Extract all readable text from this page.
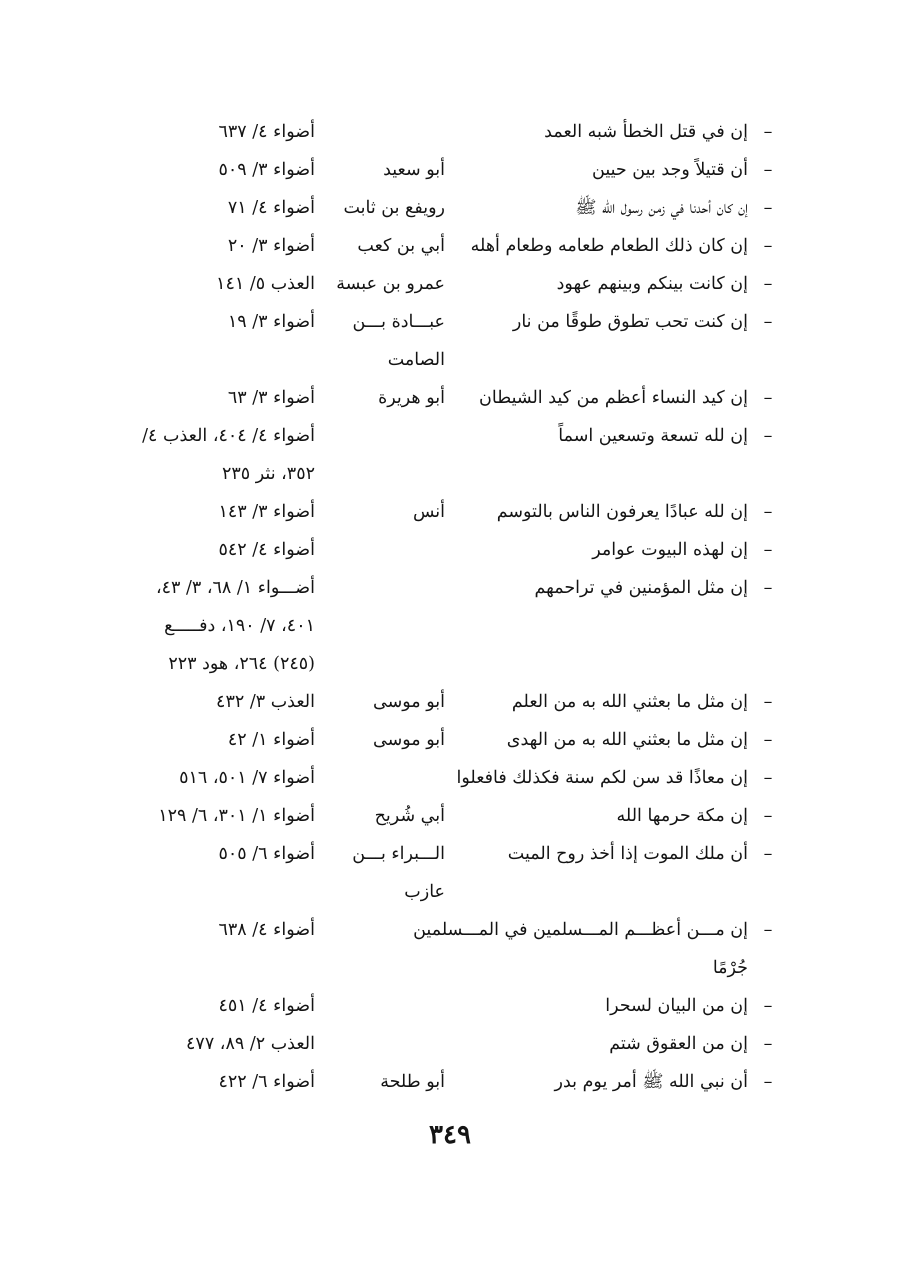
–
إن في قتل الخطأ شبه العمد
أضواء ٤/ ٦٣٧
–
أن قتيلاً وجد بين حيين
أبو سعيد
أضواء ٣/ ٥٠٩
–
إن كان أحدنا في زمن رسول الله ﷺ
رويفع بن ثابت
أضواء ٤/ ٧١
–
إن كان ذلك الطعام طعامه وطعام أهله
أبي بن كعب
أضواء ٣/ ٢٠
–
إن كانت بينكم وبينهم عهود
عمرو بن عبسة
العذب ٥/ ١٤١
–
إن كنت تحب تطوق طوقًا من نار
عبـــادة بـــن
أضواء ٣/ ١٩
الصامت
–
إن كيد النساء أعظم من كيد الشيطان
أبو هريرة
أضواء ٣/ ٦٣
–
إن لله تسعة وتسعين اسماً
أضواء ٤/ ٤٠٤، العذب ٤/
٣٥٢، نثر ٢٣٥
–
إن لله عبادًا يعرفون الناس بالتوسم
أنس
أضواء ٣/ ١٤٣
–
إن لهذه البيوت عوامر
أضواء ٤/ ٥٤٢
–
إن مثل المؤمنين في تراحمهم
أضـــواء ١/ ٦٨، ٣/ ٤٣،
٤٠١، ٧/ ١٩٠، دفـــــع
(٢٤٥) ٢٦٤، هود ٢٢٣
–
إن مثل ما بعثني الله به من العلم
أبو موسى
العذب ٣/ ٤٣٢
–
إن مثل ما بعثني الله به من الهدى
أبو موسى
أضواء ١/ ٤٢
–
إن معاذًا قد سن لكم سنة فكذلك فافعلوا
أضواء ٧/ ٥٠١، ٥١٦
–
إن مكة حرمها الله
أبي شُريح
أضواء ١/ ٣٠١، ٦/ ١٢٩
–
أن ملك الموت إذا أخذ روح الميت
الـــبراء بـــن
أضواء ٦/ ٥٠٥
عازب
–
إن مـــن أعظـــم المـــسلمين في المـــسلمين
أضواء ٤/ ٦٣٨
جُرْمًا
–
إن من البيان لسحرا
أضواء ٤/ ٤٥١
–
إن من العقوق شتم
العذب ٢/ ٨٩، ٤٧٧
–
أن نبي الله ﷺ أمر يوم بدر
أبو طلحة
أضواء ٦/ ٤٢٢
٣٤٩
